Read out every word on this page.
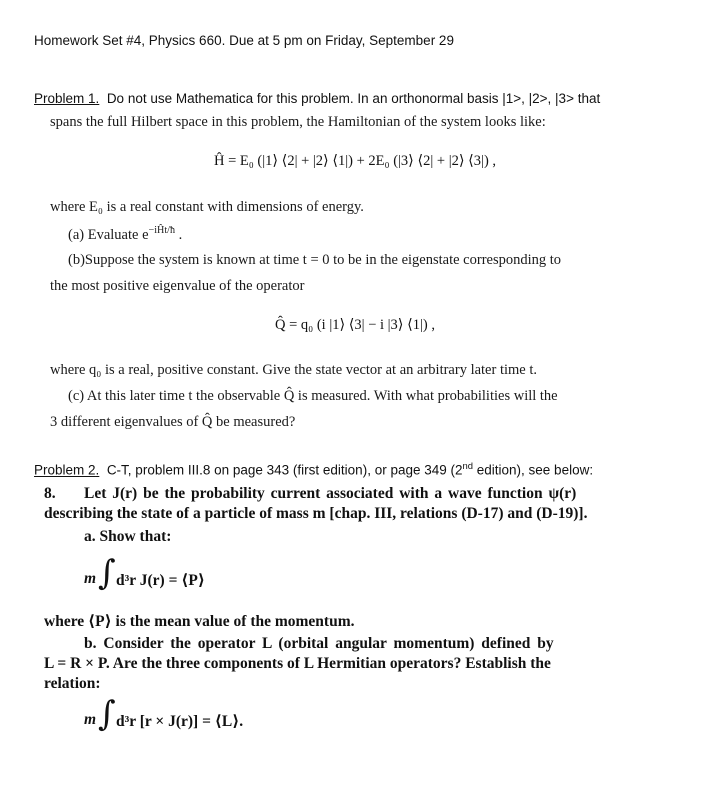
Homework Set #4, Physics 660. Due at 5 pm on Friday, September 29
Problem 1. Do not use Mathematica for this problem. In an orthonormal basis |1>, |2>, |3> that
spans the full Hilbert space in this problem, the Hamiltonian of the system looks like:
Ĥ = E₀ (|1⟩ ⟨2| + |2⟩ ⟨1|) + 2E₀ (|3⟩ ⟨2| + |2⟩ ⟨3|) ,
where E₀ is a real constant with dimensions of energy.
(a) Evaluate $e^{-iĤt/ħ}$ .
(b)Suppose the system is known at time t = 0 to be in the eigenstate corresponding to
the most positive eigenvalue of the operator
Q̂ = q₀ (i |1⟩ ⟨3| − i |3⟩ ⟨1|) ,
where q₀ is a real, positive constant. Give the state vector at an arbitrary later time t.
(c) At this later time t the observable Q̂ is measured. With what probabilities will the
3 different eigenvalues of Q̂ be measured?
Problem 2. C-T, problem III.8 on page 343 (first edition), or page 349 (2nd edition), see below:
8. Let J(r) be the probability current associated with a wave function ψ(r)
describing the state of a particle of mass m [chap. III, relations (D-17) and (D-19)].
a. Show that:
m ∫ d³r J(r) = ⟨P⟩
where ⟨P⟩ is the mean value of the momentum.
b. Consider the operator L (orbital angular momentum) defined by
L = R × P. Are the three components of L Hermitian operators? Establish the
relation:
m ∫ d³r [r × J(r)] = ⟨L⟩.
